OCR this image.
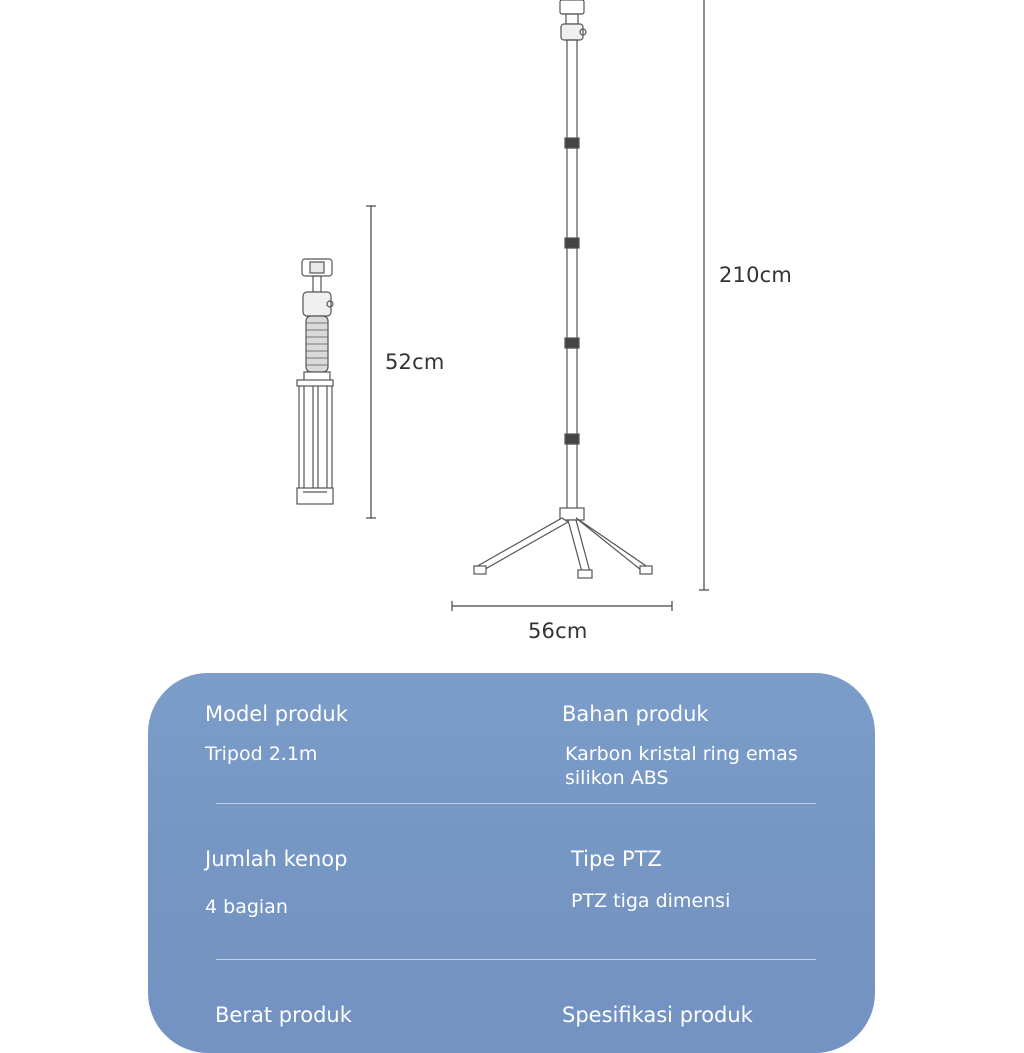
52cm
210cm
56cm
Model produk
Tripod 2.1m
Bahan produk
Karbon kristal ring emas
silikon ABS
Jumlah kenop
4 bagian
Tipe PTZ
PTZ tiga dimensi
Berat produk	Spesifikasi produk
